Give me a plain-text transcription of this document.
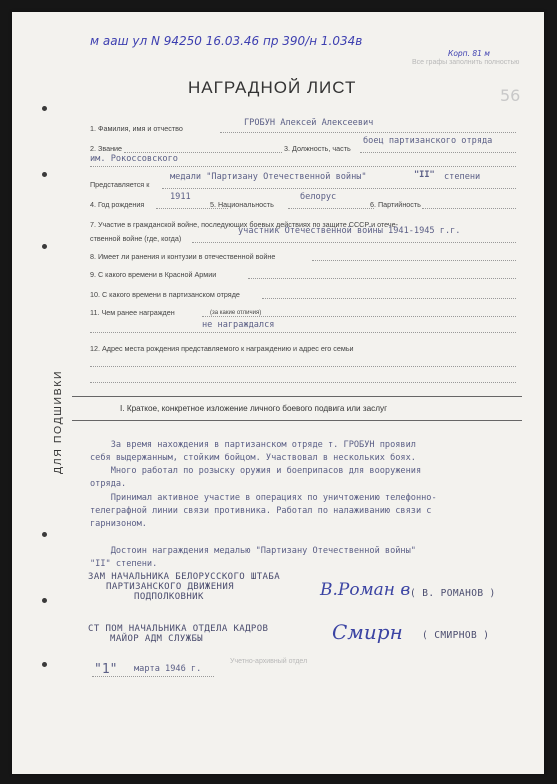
м ааш ул N 94250 16.03.46 пр 390/н 1.034в
Корп. 81 м
Все графы заполнить полностью
56
НАГРАДНОЙ ЛИСТ
ДЛЯ ПОДШИВКИ
1. Фамилия, имя и отчество
ГРОБУН Алексей Алексеевич
2. Звание	3. Должность, часть
боец партизанского отряда
им. Рокоссовского
Представляется к
медали "Партизану Отечественной войны"	"II" степени
4. Год рождения
1911
5. Национальность
белорус
6. Партийность
7. Участие в гражданской войне, последующих боевых действиях по защите СССР и отече-
ственной войне (где, когда)
участник Отечественной войны 1941-1945 г.г.
8. Имеет ли ранения и контузии в отечественной войне
9. С какого времени в Красной Армии
10. С какого времени в партизанском отряде
11. Чем ранее награжден	(за какие отличия)
не награждался
12. Адрес места рождения представляемого к награждению и адрес его семьи
I. Краткое, конкретное изложение личного боевого подвига или заслуг
За время нахождения в партизанском отряде т. ГРОБУН проявил
себя выдержанным, стойким бойцом. Участвовал в нескольких боях.
Много работал по розыску оружия и боеприпасов для вооружения
отряда.
Принимал активное участие в операциях по уничтожению телефонно-
телеграфной линии связи противника. Работал по налаживанию связи с
гарнизоном.
Достоин награждения медалью "Партизану Отечественной войны"
"II" степени.
ЗАМ НАЧАЛЬНИКА БЕЛОРУССКОГО ШТАБА
ПАРТИЗАНСКОГО ДВИЖЕНИЯ
ПОДПОЛКОВНИК	В.Роман в ( В. РОМАНОВ )
СТ ПОМ НАЧАЛЬНИКА ОТДЕЛА КАДРОВ
МАЙОР АДМ СЛУЖБЫ	Смирн ( СМИРНОВ )
Учетно-архивный отдел
"1" марта 1946 г.
